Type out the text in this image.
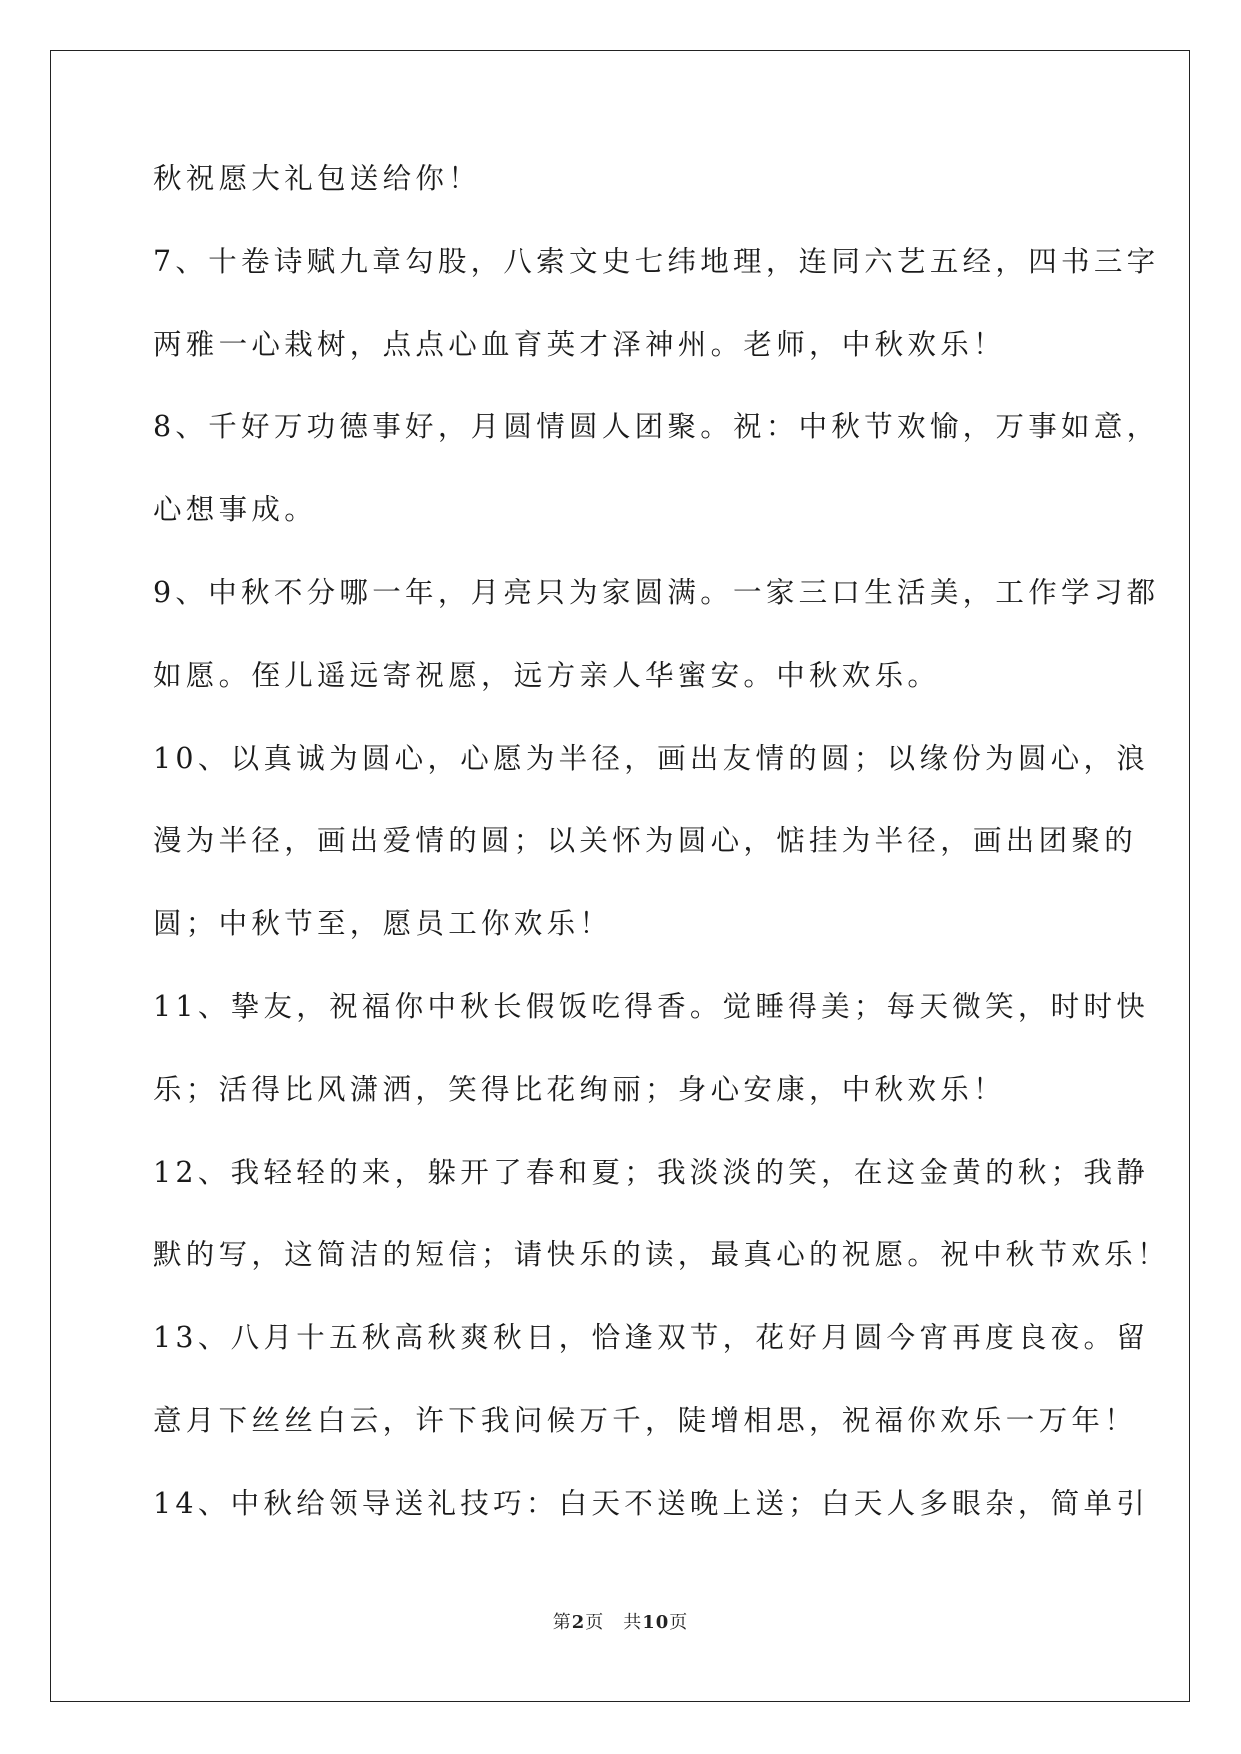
秋祝愿大礼包送给你！
7、十卷诗赋九章勾股，八索文史七纬地理，连同六艺五经，四书三字
两雅一心栽树，点点心血育英才泽神州。老师，中秋欢乐！
8、千好万功德事好，月圆情圆人团聚。祝：中秋节欢愉，万事如意，
心想事成。
9、中秋不分哪一年，月亮只为家圆满。一家三口生活美，工作学习都
如愿。侄儿遥远寄祝愿，远方亲人华蜜安。中秋欢乐。
10、以真诚为圆心，心愿为半径，画出友情的圆；以缘份为圆心，浪
漫为半径，画出爱情的圆；以关怀为圆心，惦挂为半径，画出团聚的
圆；中秋节至，愿员工你欢乐！
11、挚友，祝福你中秋长假饭吃得香。觉睡得美；每天微笑，时时快
乐；活得比风潇洒，笑得比花绚丽；身心安康，中秋欢乐！
12、我轻轻的来，躲开了春和夏；我淡淡的笑，在这金黄的秋；我静
默的写，这简洁的短信；请快乐的读，最真心的祝愿。祝中秋节欢乐！
13、八月十五秋高秋爽秋日，恰逢双节，花好月圆今宵再度良夜。留
意月下丝丝白云，许下我问候万千，陡增相思，祝福你欢乐一万年！
14、中秋给领导送礼技巧：白天不送晚上送；白天人多眼杂，简单引
第2页　共10页
